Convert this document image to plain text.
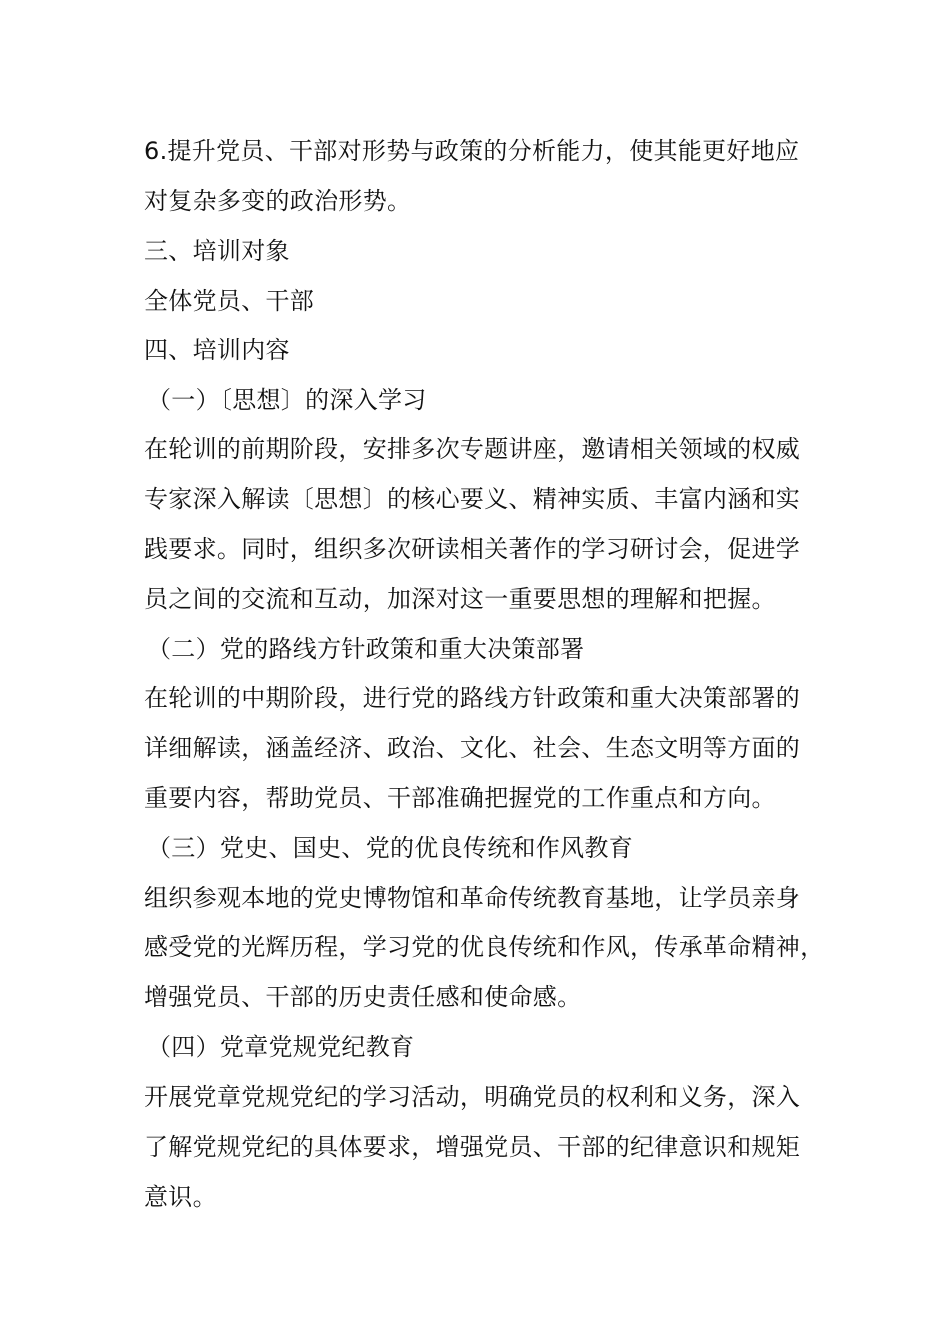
6.提升党员、干部对形势与政策的分析能力，使其能更好地应
对复杂多变的政治形势。
三、培训对象
全体党员、干部
四、培训内容
（一）〔思想〕的深入学习
在轮训的前期阶段，安排多次专题讲座，邀请相关领域的权威
专家深入解读〔思想〕的核心要义、精神实质、丰富内涵和实
践要求。同时，组织多次研读相关著作的学习研讨会，促进学
员之间的交流和互动，加深对这一重要思想的理解和把握。
（二）党的路线方针政策和重大决策部署
在轮训的中期阶段，进行党的路线方针政策和重大决策部署的
详细解读，涵盖经济、政治、文化、社会、生态文明等方面的
重要内容，帮助党员、干部准确把握党的工作重点和方向。
（三）党史、国史、党的优良传统和作风教育
组织参观本地的党史博物馆和革命传统教育基地，让学员亲身
感受党的光辉历程，学习党的优良传统和作风，传承革命精神，
增强党员、干部的历史责任感和使命感。
（四）党章党规党纪教育
开展党章党规党纪的学习活动，明确党员的权利和义务，深入
了解党规党纪的具体要求，增强党员、干部的纪律意识和规矩
意识。
